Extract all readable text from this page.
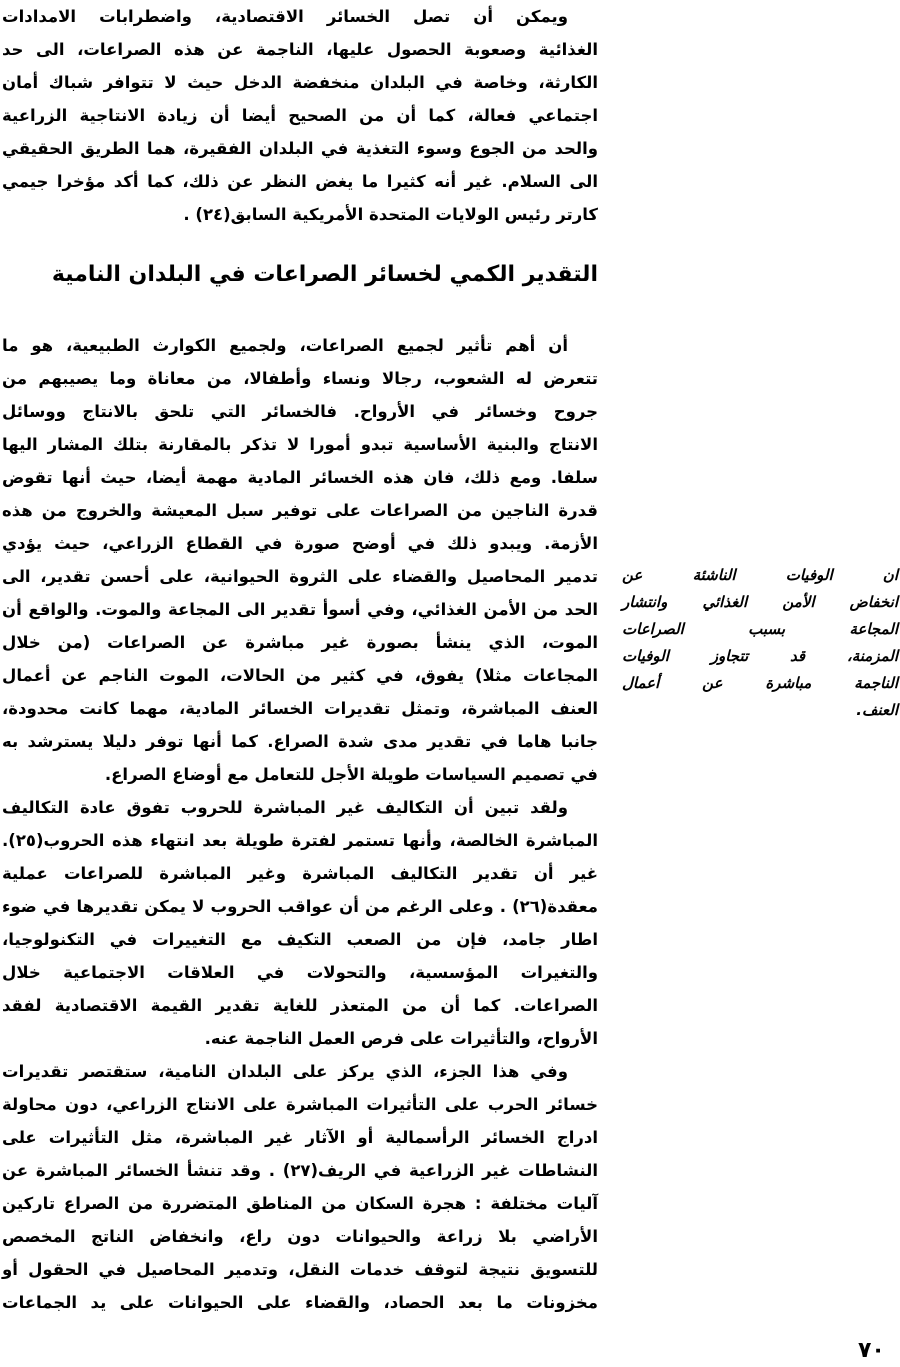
ويمكن أن تصل الخسائر الاقتصادية، واضطرابات الامدادات
الغذائية وصعوبة الحصول عليها، الناجمة عن هذه الصراعات، الى حد
الكارثة، وخاصة في البلدان منخفضة الدخل حيث لا تتوافر شباك أمان
اجتماعي فعالة، كما أن من الصحيح أيضا أن زيادة الانتاجية الزراعية
والحد من الجوع وسوء التغذية في البلدان الفقيرة، هما الطريق الحقيقي
الى السلام. غير أنه كثيرا ما يغض النظر عن ذلك، كما أكد مؤخرا جيمي
كارتر رئيس الولايات المتحدة الأمريكية السابق(٢٤) .
التقدير الكمي لخسائر الصراعات في البلدان النامية
أن أهم تأثير لجميع الصراعات، ولجميع الكوارث الطبيعية، هو ما
تتعرض له الشعوب، رجالا ونساء وأطفالا، من معاناة وما يصيبهم من
جروح وخسائر في الأرواح. فالخسائر التي تلحق بالانتاج ووسائل
الانتاج والبنية الأساسية تبدو أمورا لا تذكر بالمقارنة بتلك المشار اليها
سلفا. ومع ذلك، فان هذه الخسائر المادية مهمة أيضا، حيث أنها تقوض
قدرة الناجين من الصراعات على توفير سبل المعيشة والخروج من هذه
الأزمة. ويبدو ذلك في أوضح صورة في القطاع الزراعي، حيث يؤدي
تدمير المحاصيل والقضاء على الثروة الحيوانية، على أحسن تقدير، الى
الحد من الأمن الغذائي، وفي أسوأ تقدير الى المجاعة والموت. والواقع أن
الموت، الذي ينشأ بصورة غير مباشرة عن الصراعات (من خلال
المجاعات مثلا) يفوق، في كثير من الحالات، الموت الناجم عن أعمال
العنف المباشرة، وتمثل تقديرات الخسائر المادية، مهما كانت محدودة،
جانبا هاما في تقدير مدى شدة الصراع. كما أنها توفر دليلا يسترشد به
في تصميم السياسات طويلة الأجل للتعامل مع أوضاع الصراع.
ولقد تبين أن التكاليف غير المباشرة للحروب تفوق عادة التكاليف
المباشرة الخالصة، وأنها تستمر لفترة طويلة بعد انتهاء هذه الحروب(٢٥).
غير أن تقدير التكاليف المباشرة وغير المباشرة للصراعات عملية
معقدة(٢٦) . وعلى الرغم من أن عواقب الحروب لا يمكن تقديرها في ضوء
اطار جامد، فإن من الصعب التكيف مع التغييرات في التكنولوجيا،
والتغيرات المؤسسية، والتحولات في العلاقات الاجتماعية خلال
الصراعات. كما أن من المتعذر للغاية تقدير القيمة الاقتصادية لفقد
الأرواح، والتأثيرات على فرص العمل الناجمة عنه.
وفي هذا الجزء، الذي يركز على البلدان النامية، ستقتصر تقديرات
خسائر الحرب على التأثيرات المباشرة على الانتاج الزراعي، دون محاولة
ادراج الخسائر الرأسمالية أو الآثار غير المباشرة، مثل التأثيرات على
النشاطات غير الزراعية في الريف(٢٧) . وقد تنشأ الخسائر المباشرة عن
آليات مختلفة : هجرة السكان من المناطق المتضررة من الصراع تاركين
الأراضي بلا زراعة والحيوانات دون راع، وانخفاض الناتج المخصص
للتسويق نتيجة لتوقف خدمات النقل، وتدمير المحاصيل في الحقول أو
مخزونات ما بعد الحصاد، والقضاء على الحيوانات على يد الجماعات
ان الوفيات الناشئة عن
انخفاض الأمن الغذائي وانتشار
المجاعة بسبب الصراعات
المزمنة، قد تتجاوز الوفيات
الناجمة مباشرة عن أعمال
العنف.
٧٠
